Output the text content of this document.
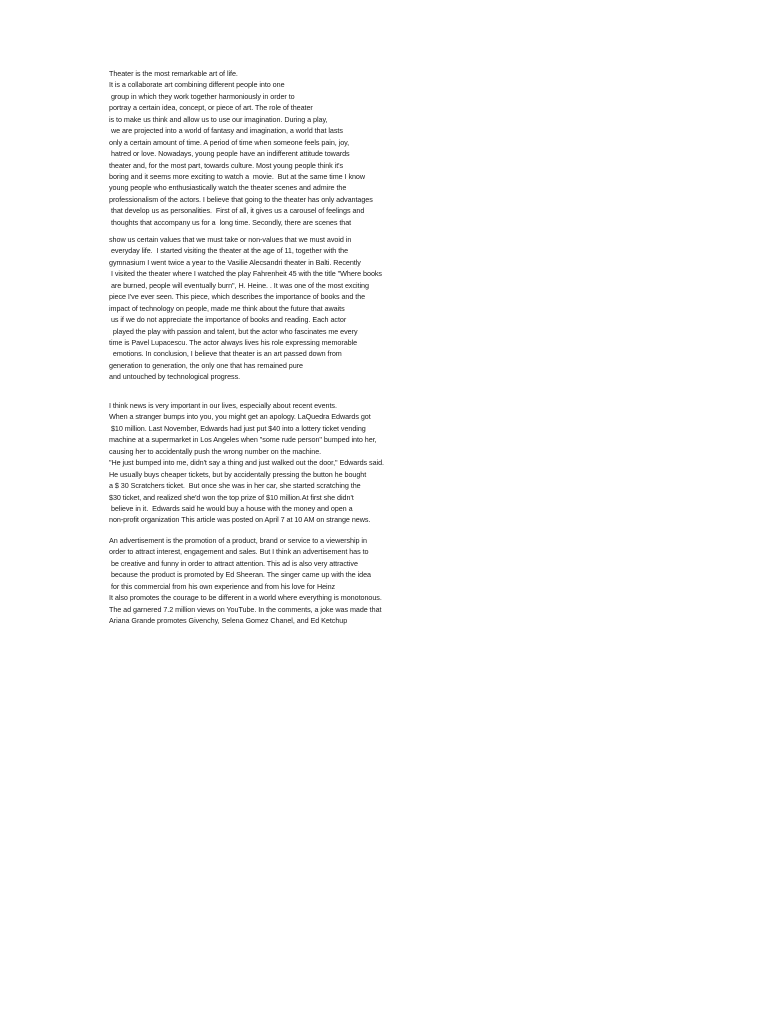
Theater is the most remarkable art of life.
It is a collaborate art combining different people into one
group in which they work together harmoniously in order to
portray a certain idea, concept, or piece of art. The role of theater
is to make us think and allow us to use our imagination. During a play,
we are projected into a world of fantasy and imagination, a world that lasts
only a certain amount of time. A period of time when someone feels pain, joy,
hatred or love. Nowadays, young people have an indifferent attitude towards
theater and, for the most part, towards culture. Most young people think it's
boring and it seems more exciting to watch a  movie.  But at the same time I know
young people who enthusiastically watch the theater scenes and admire the
professionalism of the actors. I believe that going to the theater has only advantages
that develop us as personalities.  First of all, it gives us a carousel of feelings and
thoughts that accompany us for a  long time. Secondly, there are scenes that
show us certain values that we must take or non-values that we must avoid in
everyday life.  I started visiting the theater at the age of 11, together with the
gymnasium I went twice a year to the Vasilie Alecsandri theater in Balti. Recently
I visited the theater where I watched the play Fahrenheit 45 with the title "Where books
are burned, people will eventually burn", H. Heine. . It was one of the most exciting
piece I've ever seen. This piece, which describes the importance of books and the
impact of technology on people, made me think about the future that awaits
us if we do not appreciate the importance of books and reading. Each actor
played the play with passion and talent, but the actor who fascinates me every
time is Pavel Lupacescu. The actor always lives his role expressing memorable
emotions. In conclusion, I believe that theater is an art passed down from
generation to generation, the only one that has remained pure
and untouched by technological progress.
I think news is very important in our lives, especially about recent events.
When a stranger bumps into you, you might get an apology. LaQuedra Edwards got
$10 million. Last November, Edwards had just put $40 into a lottery ticket vending
machine at a supermarket in Los Angeles when "some rude person" bumped into her,
causing her to accidentally push the wrong number on the machine.
"He just bumped into me, didn't say a thing and just walked out the door," Edwards said.
He usually buys cheaper tickets, but by accidentally pressing the button he bought
a $ 30 Scratchers ticket.  But once she was in her car, she started scratching the
$30 ticket, and realized she'd won the top prize of $10 million.At first she didn't
believe in it.  Edwards said he would buy a house with the money and open a
non-profit organization This article was posted on April 7 at 10 AM on strange news.
An advertisement is the promotion of a product, brand or service to a viewership in
order to attract interest, engagement and sales. But I think an advertisement has to
be creative and funny in order to attract attention. This ad is also very attractive
because the product is promoted by Ed Sheeran. The singer came up with the idea
for this commercial from his own experience and from his love for Heinz
It also promotes the courage to be different in a world where everything is monotonous.
The ad garnered 7.2 million views on YouTube. In the comments, a joke was made that
Ariana Grande promotes Givenchy, Selena Gomez Chanel, and Ed Ketchup
